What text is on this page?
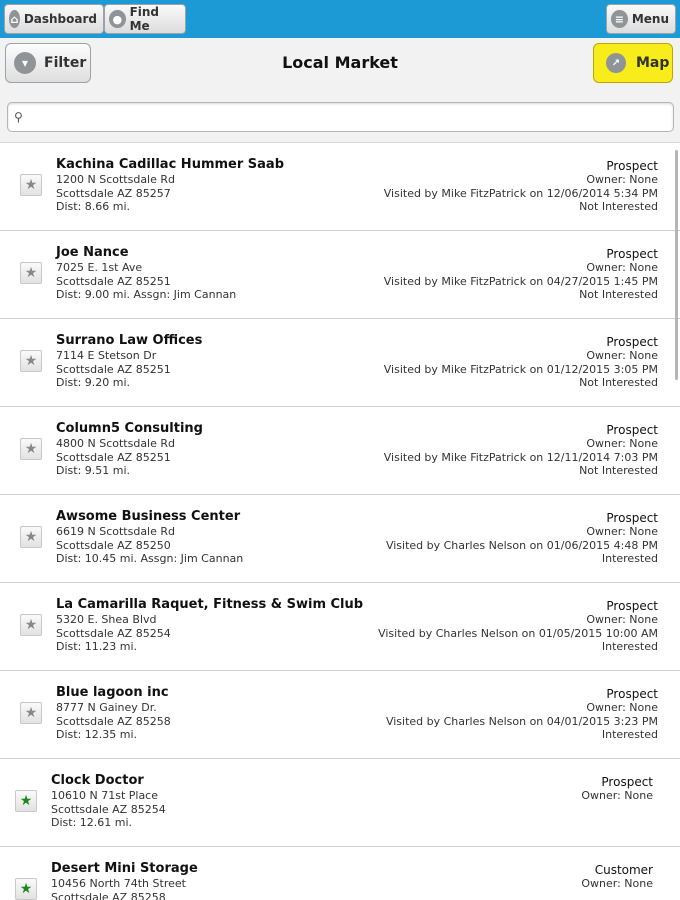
⌂ Dashboard	● Find Me	≡ Menu
▾	Filter	Local Market	↗	Map
⚲
★
Kachina Cadillac Hummer Saab
1200 N Scottsdale Rd
Scottsdale AZ 85257
Dist: 8.66 mi.
Prospect
Owner: None
Visited by Mike FitzPatrick on 12/06/2014 5:34 PM
Not Interested
★
Joe Nance
7025 E. 1st Ave
Scottsdale AZ 85251
Dist: 9.00 mi. Assgn: Jim Cannan
Prospect
Owner: None
Visited by Mike FitzPatrick on 04/27/2015 1:45 PM
Not Interested
★
Surrano Law Offices
7114 E Stetson Dr
Scottsdale AZ 85251
Dist: 9.20 mi.
Prospect
Owner: None
Visited by Mike FitzPatrick on 01/12/2015 3:05 PM
Not Interested
★
Column5 Consulting
4800 N Scottsdale Rd
Scottsdale AZ 85251
Dist: 9.51 mi.
Prospect
Owner: None
Visited by Mike FitzPatrick on 12/11/2014 7:03 PM
Not Interested
★
Awsome Business Center
6619 N Scottsdale Rd
Scottsdale AZ 85250
Dist: 10.45 mi. Assgn: Jim Cannan
Prospect
Owner: None
Visited by Charles Nelson on 01/06/2015 4:48 PM
Interested
★
La Camarilla Raquet, Fitness & Swim Club
5320 E. Shea Blvd
Scottsdale AZ 85254
Dist: 11.23 mi.
Prospect
Owner: None
Visited by Charles Nelson on 01/05/2015 10:00 AM
Interested
★
Blue lagoon inc
8777 N Gainey Dr.
Scottsdale AZ 85258
Dist: 12.35 mi.
Prospect
Owner: None
Visited by Charles Nelson on 04/01/2015 3:23 PM
Interested
★
Clock Doctor
10610 N 71st Place
Scottsdale AZ 85254
Dist: 12.61 mi.
Prospect
Owner: None
★
Desert Mini Storage
10456 North 74th Street
Scottsdale AZ 85258
Customer
Owner: None
